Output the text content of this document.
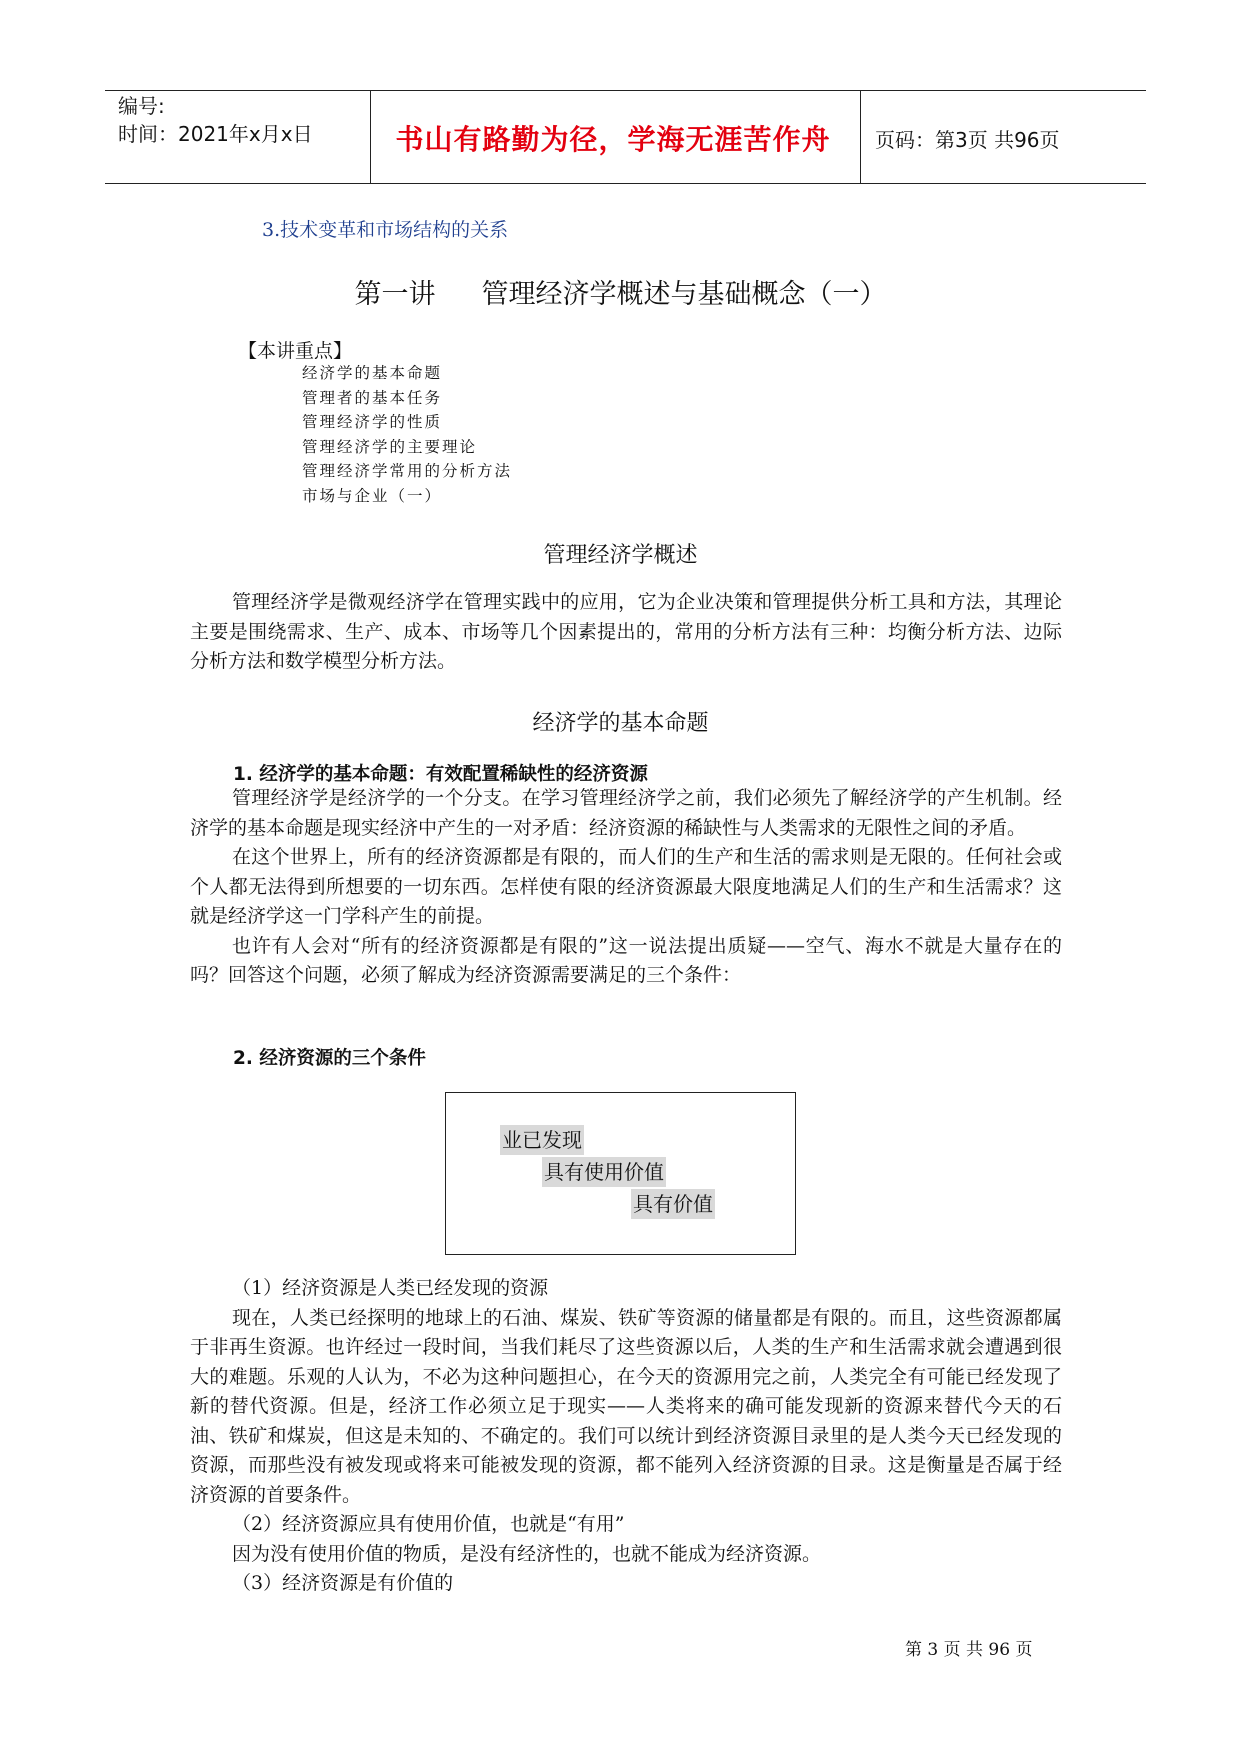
编号:
时间：2021年x月x日	书山有路勤为径，学海无涯苦作舟	页码：第3页 共96页
3.技术变革和市场结构的关系
第一讲 管理经济学概述与基础概念（一）
【本讲重点】
经济学的基本命题
管理者的基本任务
管理经济学的性质
管理经济学的主要理论
管理经济学常用的分析方法
市场与企业（一）
管理经济学概述

管理经济学是微观经济学在管理实践中的应用，它为企业决策和管理提供分析工具和方法，其理论主要是围绕需求、生产、成本、市场等几个因素提出的，常用的分析方法有三种：均衡分析方法、边际分析方法和数学模型分析方法。

经济学的基本命题
1. 经济学的基本命题：有效配置稀缺性的经济资源

管理经济学是经济学的一个分支。在学习管理经济学之前，我们必须先了解经济学的产生机制。经济学的基本命题是现实经济中产生的一对矛盾：经济资源的稀缺性与人类需求的无限性之间的矛盾。

在这个世界上，所有的经济资源都是有限的，而人们的生产和生活的需求则是无限的。任何社会或个人都无法得到所想要的一切东西。怎样使有限的经济资源最大限度地满足人们的生产和生活需求？这就是经济学这一门学科产生的前提。

也许有人会对“所有的经济资源都是有限的”这一说法提出质疑——空气、海水不就是大量存在的吗？回答这个问题，必须了解成为经济资源需要满足的三个条件：

2. 经济资源的三个条件
业已发现
具有使用价值
具有价值
（1）经济资源是人类已经发现的资源

现在，人类已经探明的地球上的石油、煤炭、铁矿等资源的储量都是有限的。而且，这些资源都属于非再生资源。也许经过一段时间，当我们耗尽了这些资源以后，人类的生产和生活需求就会遭遇到很大的难题。乐观的人认为，不必为这种问题担心，在今天的资源用完之前，人类完全有可能已经发现了新的替代资源。但是，经济工作必须立足于现实——人类将来的确可能发现新的资源来替代今天的石油、铁矿和煤炭，但这是未知的、不确定的。我们可以统计到经济资源目录里的是人类今天已经发现的资源，而那些没有被发现或将来可能被发现的资源，都不能列入经济资源的目录。这是衡量是否属于经济资源的首要条件。

（2）经济资源应具有使用价值，也就是“有用”

因为没有使用价值的物质，是没有经济性的，也就不能成为经济资源。

（3）经济资源是有价值的
第 3 页 共 96 页
